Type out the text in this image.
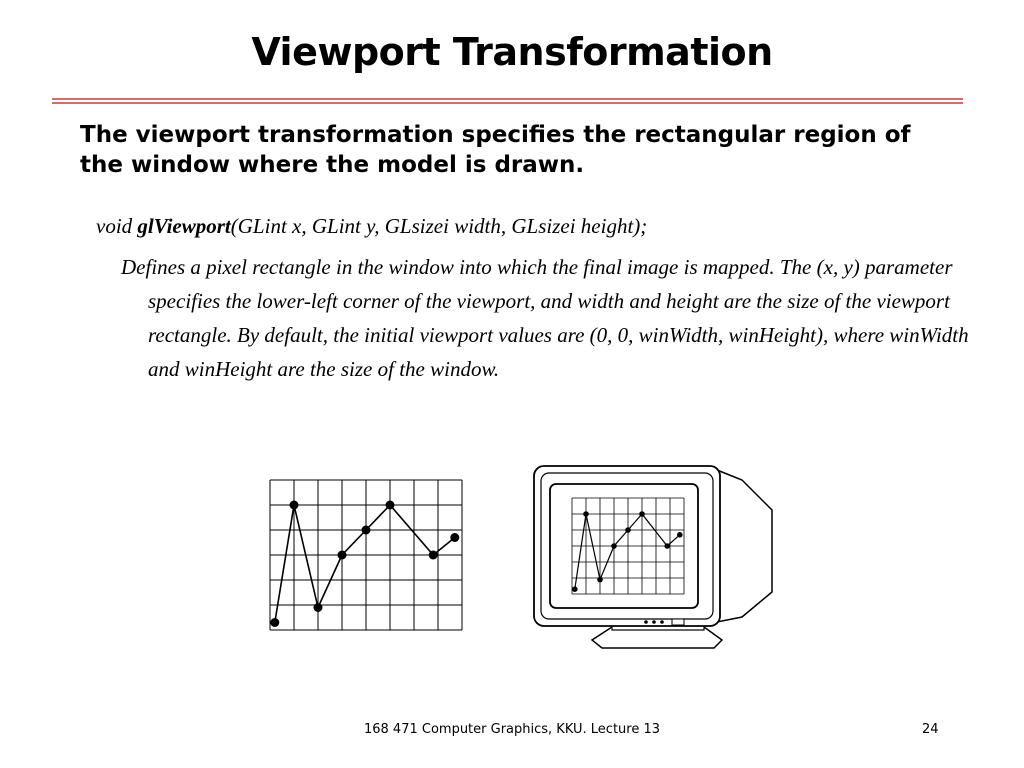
Viewport Transformation
The viewport transformation specifies the rectangular region of the window where the model is drawn.
void glViewport(GLint x, GLint y, GLsizei width, GLsizei height);
Defines a pixel rectangle in the window into which the final image is mapped. The (x, y) parameter specifies the lower-left corner of the viewport, and width and height are the size of the viewport rectangle. By default, the initial viewport values are (0, 0, winWidth, winHeight), where winWidth and winHeight are the size of the window.
168 471 Computer Graphics, KKU. Lecture 13	24
